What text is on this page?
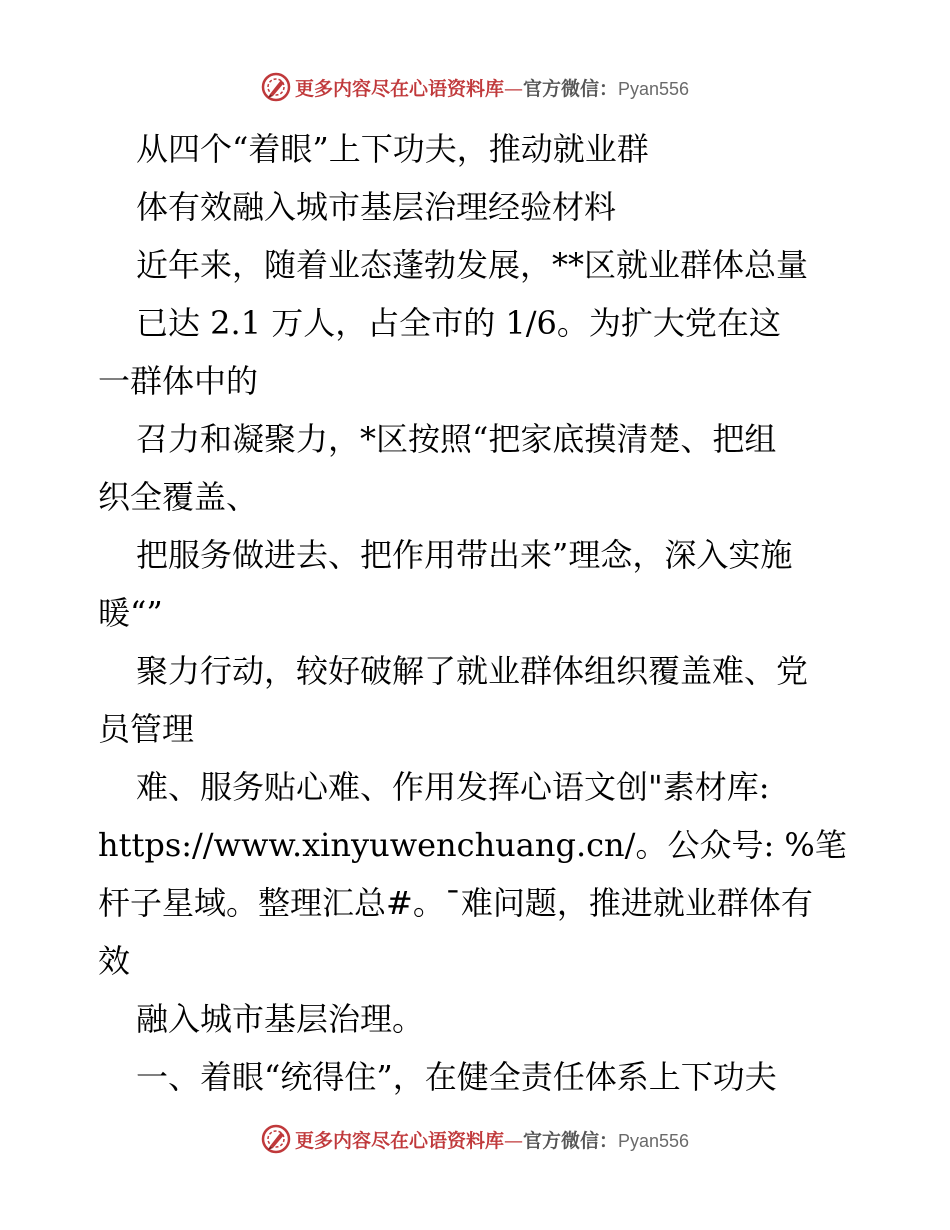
更多内容尽在心语资料库—官方微信：Pyan556
从四个“着眼”上下功夫，推动就业群
体有效融入城市基层治理经验材料
近年来，随着业态蓬勃发展，**区就业群体总量
已达 2.1 万人，占全市的 1/6。为扩大党在这
一群体中的
召力和凝聚力，*区按照“把家底摸清楚、把组
织全覆盖、
把服务做进去、把作用带出来”理念，深入实施
暖“”
聚力行动，较好破解了就业群体组织覆盖难、党
员管理
难、服务贴心难、作用发挥心语文创"素材库:
https://www.xinyuwenchuang.cn/。公众号: %笔
杆子星域。整理汇总#。¯难问题，推进就业群体有
效
融入城市基层治理。
一、着眼“统得住”，在健全责任体系上下功夫
更多内容尽在心语资料库—官方微信：Pyan556
